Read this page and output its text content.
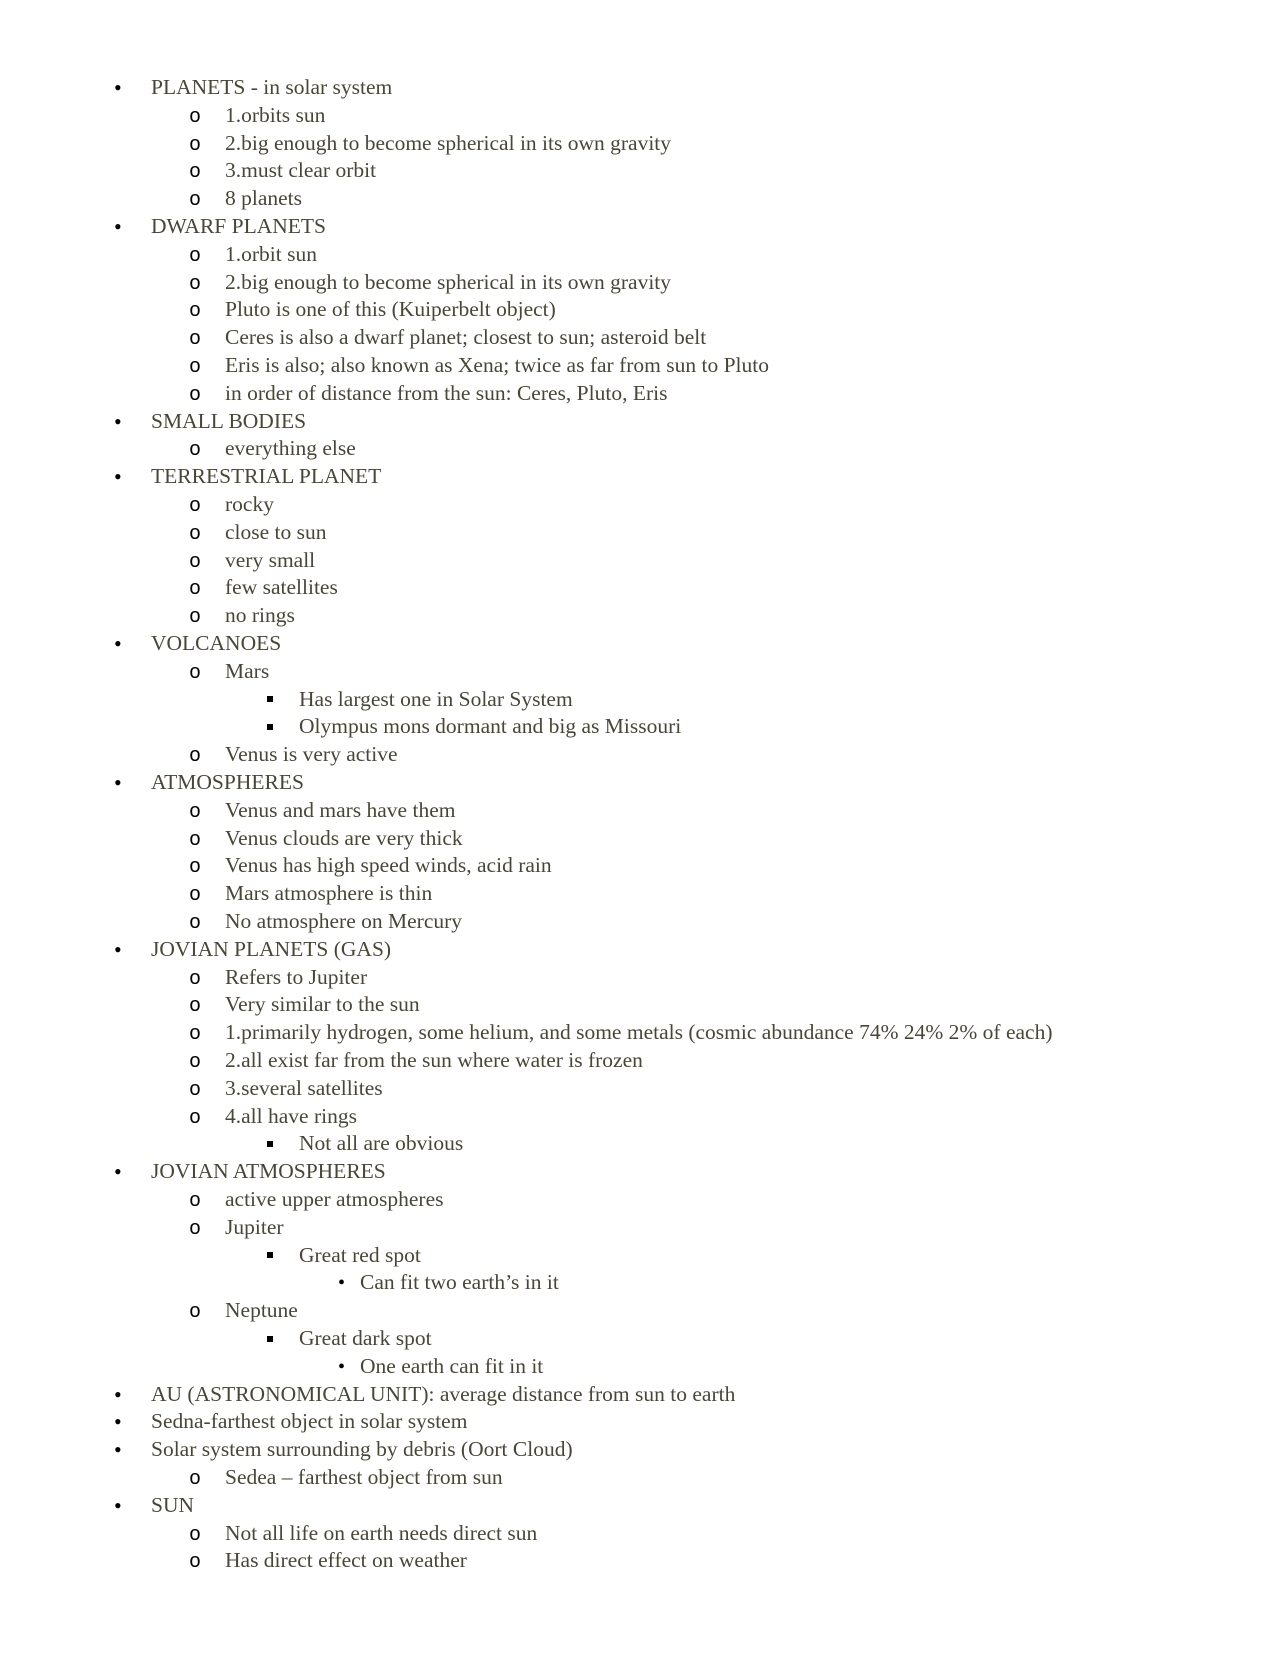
•
PLANETS - in solar system
o
1.orbits sun
o
2.big enough to become spherical in its own gravity
o
3.must clear orbit
o
8 planets
•
DWARF PLANETS
o
1.orbit sun
o
2.big enough to become spherical in its own gravity
o
Pluto is one of this (Kuiperbelt object)
o
Ceres is also a dwarf planet; closest to sun; asteroid belt
o
Eris is also; also known as Xena; twice as far from sun to Pluto
o
in order of distance from the sun: Ceres, Pluto, Eris
•
SMALL BODIES
o
everything else
•
TERRESTRIAL PLANET
o
rocky
o
close to sun
o
very small
o
few satellites
o
no rings
•
VOLCANOES
o
Mars
Has largest one in Solar System
Olympus mons dormant and big as Missouri
o
Venus is very active
•
ATMOSPHERES
o
Venus and mars have them
o
Venus clouds are very thick
o
Venus has high speed winds, acid rain
o
Mars atmosphere is thin
o
No atmosphere on Mercury
•
JOVIAN PLANETS (GAS)
o
Refers to Jupiter
o
Very similar to the sun
o
1.primarily hydrogen, some helium, and some metals (cosmic abundance 74% 24% 2% of each)
o
2.all exist far from the sun where water is frozen
o
3.several satellites
o
4.all have rings
Not all are obvious
•
JOVIAN ATMOSPHERES
o
active upper atmospheres
o
Jupiter
Great red spot
•
Can fit two earth’s in it
o
Neptune
Great dark spot
•
One earth can fit in it
•
AU (ASTRONOMICAL UNIT): average distance from sun to earth
•
Sedna-farthest object in solar system
•
Solar system surrounding by debris (Oort Cloud)
o
Sedea – farthest object from sun
•
SUN
o
Not all life on earth needs direct sun
o
Has direct effect on weather
